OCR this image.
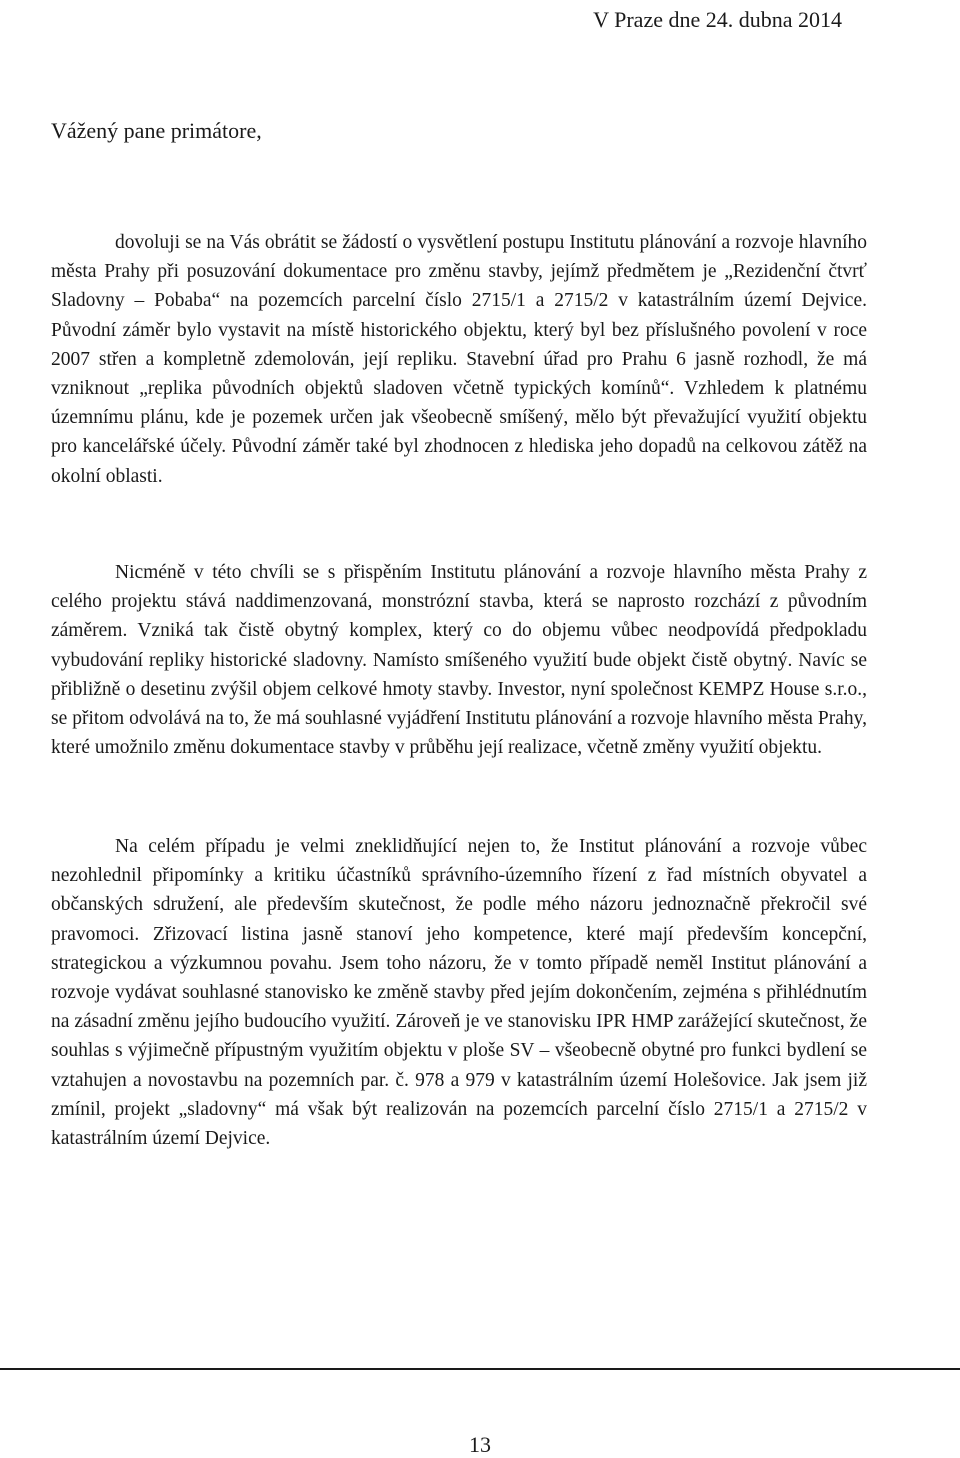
V Praze dne 24. dubna 2014
Vážený pane primátore,

dovoluji se na Vás obrátit se žádostí o vysvětlení postupu Institutu plánování a rozvoje hlavního města Prahy při posuzování dokumentace pro změnu stavby, jejímž předmětem je „Rezidenční čtvrť Sladovny – Pobaba“ na pozemcích parcelní číslo 2715/1 a 2715/2 v katastrálním území Dejvice. Původní záměr bylo vystavit na místě historického objektu, který byl bez příslušného povolení v roce 2007 střen a kompletně zdemolován, její repliku. Stavební úřad pro Prahu 6 jasně rozhodl, že má vzniknout „replika původních objektů sladoven včetně typických komínů“. Vzhledem k platnému územnímu plánu, kde je pozemek určen jak všeobecně smíšený, mělo být převažující využití objektu pro kancelářské účely. Původní záměr také byl zhodnocen z hlediska jeho dopadů na celkovou zátěž na okolní oblasti.

Nicméně v této chvíli se s přispěním Institutu plánování a rozvoje hlavního města Prahy z celého projektu stává naddimenzovaná, monstrózní stavba, která se naprosto rozchází z původním záměrem. Vzniká tak čistě obytný komplex, který co do objemu vůbec neodpovídá předpokladu vybudování repliky historické sladovny. Namísto smíšeného využití bude objekt čistě obytný. Navíc se přibližně o desetinu zvýšil objem celkové hmoty stavby. Investor, nyní společnost KEMPZ House s.r.o., se přitom odvolává na to, že má souhlasné vyjádření Institutu plánování a rozvoje hlavního města Prahy, které umožnilo změnu dokumentace stavby v průběhu její realizace, včetně změny využití objektu.

Na celém případu je velmi zneklidňující nejen to, že Institut plánování a rozvoje vůbec nezohlednil připomínky a kritiku účastníků správního-územního řízení z řad místních obyvatel a občanských sdružení, ale především skutečnost, že podle mého názoru jednoznačně překročil své pravomoci. Zřizovací listina jasně stanoví jeho kompetence, které mají především koncepční, strategickou a výzkumnou povahu. Jsem toho názoru, že v tomto případě neměl Institut plánování a rozvoje vydávat souhlasné stanovisko ke změně stavby před jejím dokončením, zejména s přihlédnutím na zásadní změnu jejího budoucího využití. Zároveň je ve stanovisku IPR HMP zarážející skutečnost, že souhlas s výjimečně přípustným využitím objektu v ploše SV – všeobecně obytné pro funkci bydlení se vztahujen a novostavbu na pozemních par. č. 978 a 979 v katastrálním území Holešovice. Jak jsem již zmínil, projekt „sladovny“ má však být realizován na pozemcích parcelní číslo 2715/1 a 2715/2 v katastrálním území Dejvice.

13
